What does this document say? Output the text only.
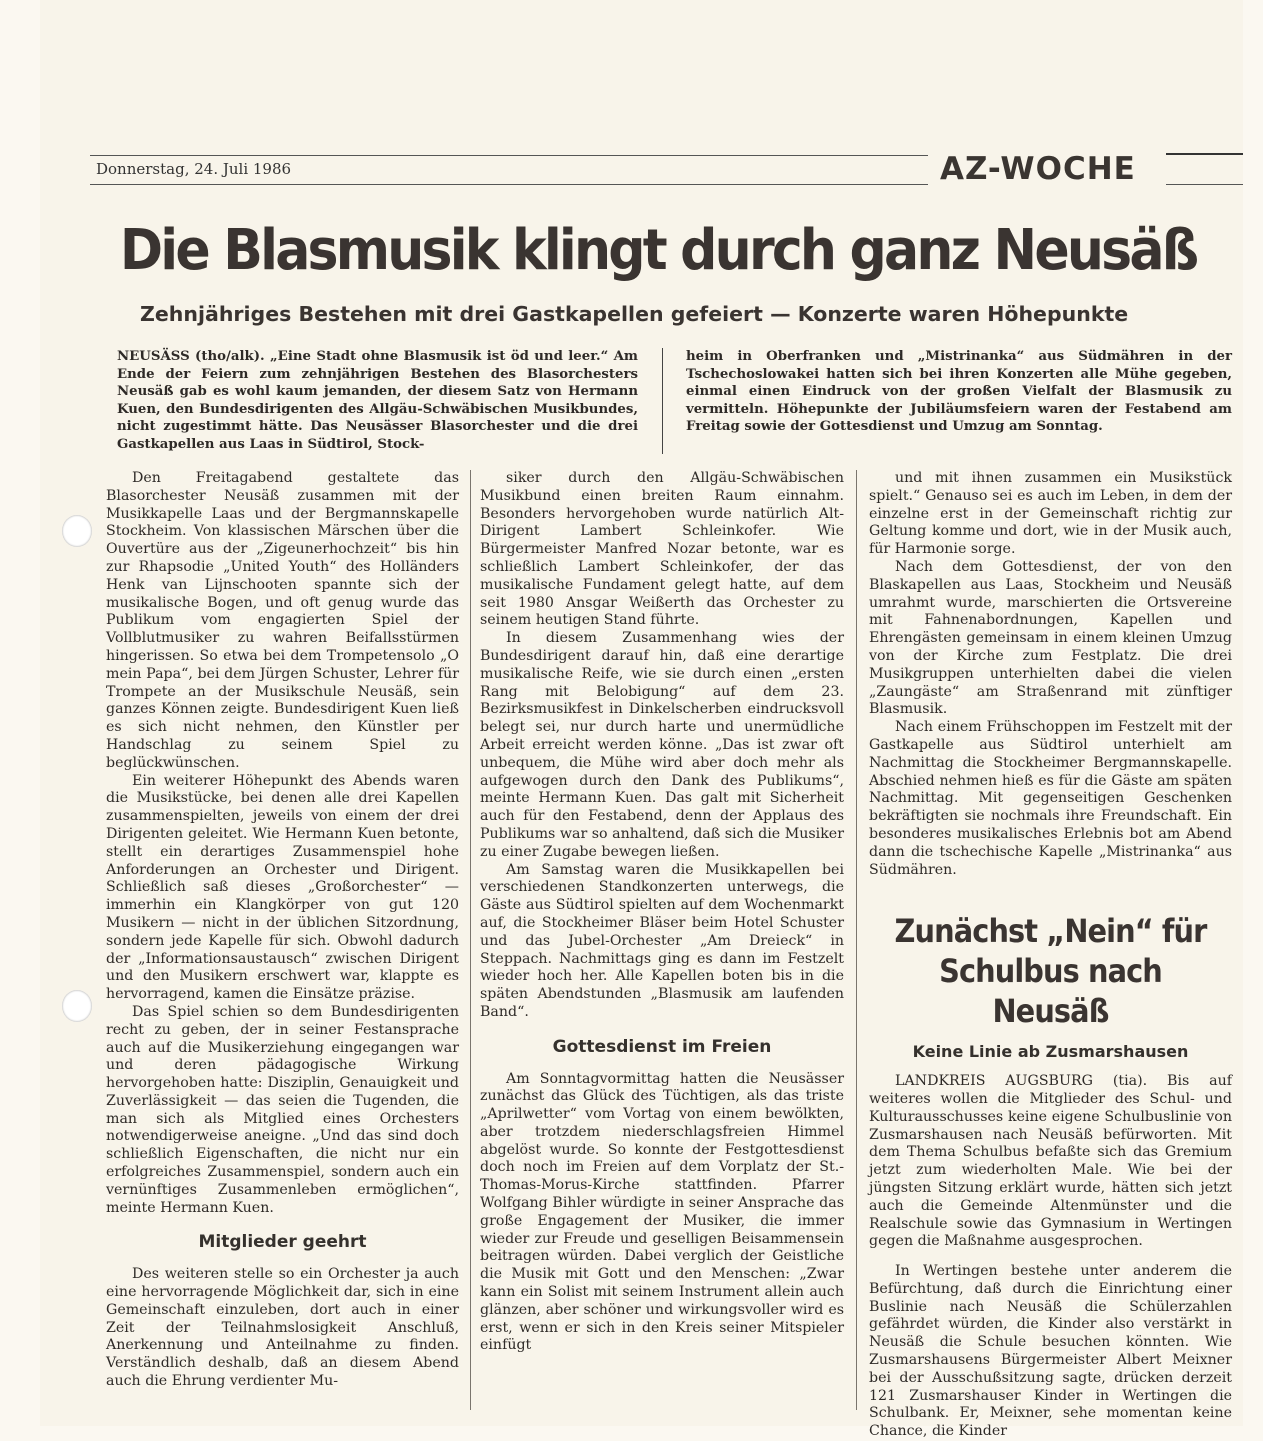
Donnerstag, 24. Juli 1986	AZ-WOCHE
Die Blasmusik klingt durch ganz Neusäß
Zehnjähriges Bestehen mit drei Gastkapellen gefeiert — Konzerte waren Höhepunkte
NEUSÄSS (tho/alk). „Eine Stadt ohne Blasmusik ist öd und leer.“ Am Ende der Feiern zum zehnjährigen Bestehen des Blasorchesters Neusäß gab es wohl kaum jemanden, der diesem Satz von Hermann Kuen, den Bundesdirigenten des Allgäu-Schwäbischen Musikbundes, nicht zugestimmt hätte. Das Neusässer Blasorchester und die drei Gastkapellen aus Laas in Südtirol, Stock-
heim in Oberfranken und „Mistrinanka“ aus Südmähren in der Tschechoslowakei hatten sich bei ihren Konzerten alle Mühe gegeben, einmal einen Eindruck von der großen Vielfalt der Blasmusik zu vermitteln. Höhepunkte der Jubiläumsfeiern waren der Festabend am Freitag sowie der Gottesdienst und Umzug am Sonntag.

Den Freitagabend gestaltete das Blasorchester Neusäß zusammen mit der Musikkapelle Laas und der Bergmannskapelle Stockheim. Von klassischen Märschen über die Ouvertüre aus der „Zigeunerhochzeit“ bis hin zur Rhapsodie „United Youth“ des Holländers Henk van Lijnschooten spannte sich der musikalische Bogen, und oft genug wurde das Publikum vom engagierten Spiel der Vollblutmusiker zu wahren Beifallsstürmen hingerissen. So etwa bei dem Trompetensolo „O mein Papa“, bei dem Jürgen Schuster, Lehrer für Trompete an der Musikschule Neusäß, sein ganzes Können zeigte. Bundesdirigent Kuen ließ es sich nicht nehmen, den Künstler per Handschlag zu seinem Spiel zu beglückwünschen.

Ein weiterer Höhepunkt des Abends waren die Musikstücke, bei denen alle drei Kapellen zusammenspielten, jeweils von einem der drei Dirigenten geleitet. Wie Hermann Kuen betonte, stellt ein derartiges Zusammenspiel hohe Anforderungen an Orchester und Dirigent. Schließlich saß dieses „Großorchester“ — immerhin ein Klangkörper von gut 120 Musikern — nicht in der üblichen Sitzordnung, sondern jede Kapelle für sich. Obwohl dadurch der „Informationsaustausch“ zwischen Dirigent und den Musikern erschwert war, klappte es hervorragend, kamen die Einsätze präzise.

Das Spiel schien so dem Bundesdirigenten recht zu geben, der in seiner Festansprache auch auf die Musikerziehung eingegangen war und deren pädagogische Wirkung hervorgehoben hatte: Disziplin, Genauigkeit und Zuverlässigkeit — das seien die Tugenden, die man sich als Mitglied eines Orchesters notwendigerweise aneigne. „Und das sind doch schließlich Eigenschaften, die nicht nur ein erfolgreiches Zusammenspiel, sondern auch ein vernünftiges Zusammenleben ermöglichen“, meinte Hermann Kuen.

Mitglieder geehrt

Des weiteren stelle so ein Orchester ja auch eine hervorragende Möglichkeit dar, sich in eine Gemeinschaft einzuleben, dort auch in einer Zeit der Teilnahmslosigkeit Anschluß, Anerkennung und Anteilnahme zu finden. Verständlich deshalb, daß an diesem Abend auch die Ehrung verdienter Mu-

siker durch den Allgäu-Schwäbischen Musikbund einen breiten Raum einnahm. Besonders hervorgehoben wurde natürlich Alt-Dirigent Lambert Schleinkofer. Wie Bürgermeister Manfred Nozar betonte, war es schließlich Lambert Schleinkofer, der das musikalische Fundament gelegt hatte, auf dem seit 1980 Ansgar Weißerth das Orchester zu seinem heutigen Stand führte.

In diesem Zusammenhang wies der Bundesdirigent darauf hin, daß eine derartige musikalische Reife, wie sie durch einen „ersten Rang mit Belobigung“ auf dem 23. Bezirksmusikfest in Dinkelscherben eindrucksvoll belegt sei, nur durch harte und unermüdliche Arbeit erreicht werden könne. „Das ist zwar oft unbequem, die Mühe wird aber doch mehr als aufgewogen durch den Dank des Publikums“, meinte Hermann Kuen. Das galt mit Sicherheit auch für den Festabend, denn der Applaus des Publikums war so anhaltend, daß sich die Musiker zu einer Zugabe bewegen ließen.

Am Samstag waren die Musikkapellen bei verschiedenen Standkonzerten unterwegs, die Gäste aus Südtirol spielten auf dem Wochenmarkt auf, die Stockheimer Bläser beim Hotel Schuster und das Jubel-Orchester „Am Dreieck“ in Steppach. Nachmittags ging es dann im Festzelt wieder hoch her. Alle Kapellen boten bis in die späten Abendstunden „Blasmusik am laufenden Band“.

Gottesdienst im Freien

Am Sonntagvormittag hatten die Neusässer zunächst das Glück des Tüchtigen, als das triste „Aprilwetter“ vom Vortag von einem bewölkten, aber trotzdem niederschlagsfreien Himmel abgelöst wurde. So konnte der Festgottesdienst doch noch im Freien auf dem Vorplatz der St.-Thomas-Morus-Kirche stattfinden. Pfarrer Wolfgang Bihler würdigte in seiner Ansprache das große Engagement der Musiker, die immer wieder zur Freude und geselligen Beisammensein beitragen würden. Dabei verglich der Geistliche die Musik mit Gott und den Menschen: „Zwar kann ein Solist mit seinem Instrument allein auch glänzen, aber schöner und wirkungsvoller wird es erst, wenn er sich in den Kreis seiner Mitspieler einfügt

und mit ihnen zusammen ein Musikstück spielt.“ Genauso sei es auch im Leben, in dem der einzelne erst in der Gemeinschaft richtig zur Geltung komme und dort, wie in der Musik auch, für Harmonie sorge.

Nach dem Gottesdienst, der von den Blaskapellen aus Laas, Stockheim und Neusäß umrahmt wurde, marschierten die Ortsvereine mit Fahnenabordnungen, Kapellen und Ehrengästen gemeinsam in einem kleinen Umzug von der Kirche zum Festplatz. Die drei Musikgruppen unterhielten dabei die vielen „Zaungäste“ am Straßenrand mit zünftiger Blasmusik.

Nach einem Frühschoppen im Festzelt mit der Gastkapelle aus Südtirol unterhielt am Nachmittag die Stockheimer Bergmannskapelle. Abschied nehmen hieß es für die Gäste am späten Nachmittag. Mit gegenseitigen Geschenken bekräftigten sie nochmals ihre Freundschaft. Ein besonderes musikalisches Erlebnis bot am Abend dann die tschechische Kapelle „Mistrinanka“ aus Südmähren.

Zunächst „Nein“ für
Schulbus nach Neusäß
Keine Linie ab Zusmarshausen

LANDKREIS AUGSBURG (tia). Bis auf weiteres wollen die Mitglieder des Schul- und Kulturausschusses keine eigene Schulbuslinie von Zusmarshausen nach Neusäß befürworten. Mit dem Thema Schulbus befaßte sich das Gremium jetzt zum wiederholten Male. Wie bei der jüngsten Sitzung erklärt wurde, hätten sich jetzt auch die Gemeinde Altenmünster und die Realschule sowie das Gymnasium in Wertingen gegen die Maßnahme ausgesprochen.

In Wertingen bestehe unter anderem die Befürchtung, daß durch die Einrichtung einer Buslinie nach Neusäß die Schülerzahlen gefährdet würden, die Kinder also verstärkt in Neusäß die Schule besuchen könnten. Wie Zusmarshausens Bürgermeister Albert Meixner bei der Ausschußsitzung sagte, drücken derzeit 121 Zusmarshauser Kinder in Wertingen die Schulbank. Er, Meixner, sehe momentan keine Chance, die Kinder
